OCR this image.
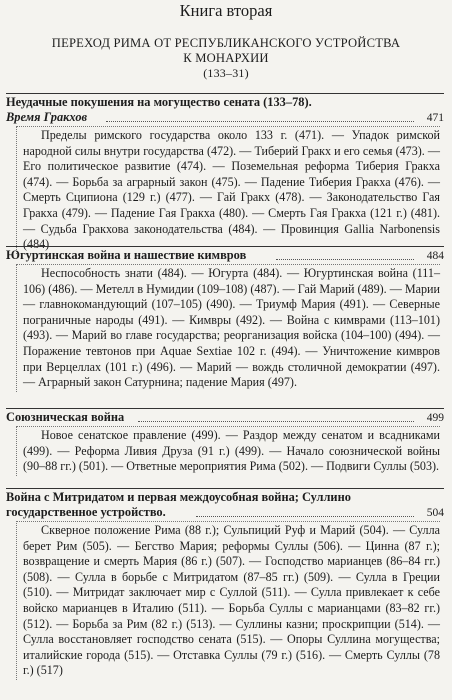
Книга вторая
ПЕРЕХОД РИМА ОТ РЕСПУБЛИКАНСКОГО УСТРОЙСТВА
К МОНАРХИИ
(133–31)
Неудачные покушения на могущество сената (133–78).
Время Гракхов	471
Пределы римского государства около 133 г. (471). — Упадок римской народной силы внутри государства (472). — Тиберий Гракх и его семья (473). — Его политическое развитие (474). — Поземельная реформа Тиберия Гракха (474). — Борьба за аграрный закон (475). — Падение Тиберия Гракха (476). — Смерть Сципиона (129 г.) (477). — Гай Гракх (478). — Законодательство Гая Гракха (479). — Падение Гая Гракха (480). — Смерть Гая Гракха (121 г.) (481). — Судьба Гракхова законодательства (484). — Провинция Gallia Narbonensis (484)
Югуртинская война и нашествие кимвров	484
Неспособность знати (484). — Югурта (484). — Югуртинская война (111–106) (486). — Метелл в Нумидии (109–108) (487). — Гай Марий (489). — Марии — главнокомандующий (107–105) (490). — Триумф Мария (491). — Северные пограничные народы (491). — Кимвры (492). — Война с кимврами (113–101) (493). — Марий во главе государства; реорганизация войска (104–100) (494). — Поражение тевтонов при Aquae Sextiae 102 г. (494). — Уничтожение кимвров при Верцеллах (101 г.) (496). — Марий — вождь столичной демократии (497). — Аграрный закон Сатурнина; падение Мария (497).
Союзническая война	499
Новое сенатское правление (499). — Раздор между сенатом и всадниками (499). — Реформа Ливия Друза (91 г.) (499). — Начало союзнической войны (90–88 гг.) (501). — Ответные мероприятия Рима (502). — Подвиги Суллы (503).
Война с Митридатом и первая междоусобная война; Суллино
государственное устройство.	504
Скверное положение Рима (88 г.); Сульпиций Руф и Марий (504). — Сулла берет Рим (505). — Бегство Мария; реформы Суллы (506). — Цинна (87 г.); возвращение и смерть Мария (86 г.) (507). — Господство марианцев (86–84 гг.) (508). — Сулла в борьбе с Митридатом (87–85 гг.) (509). — Сулла в Греции (510). — Митридат заключает мир с Суллой (511). — Сулла привлекает к себе войско марианцев в Италию (511). — Борьба Суллы с марианцами (83–82 гг.) (512). — Борьба за Рим (82 г.) (513). — Суллины казни; проскрипции (514). — Сулла восстановляет господство сената (515). — Опоры Суллина могущества; италийские города (515). — Отставка Суллы (79 г.) (516). — Смерть Суллы (78 г.) (517)
